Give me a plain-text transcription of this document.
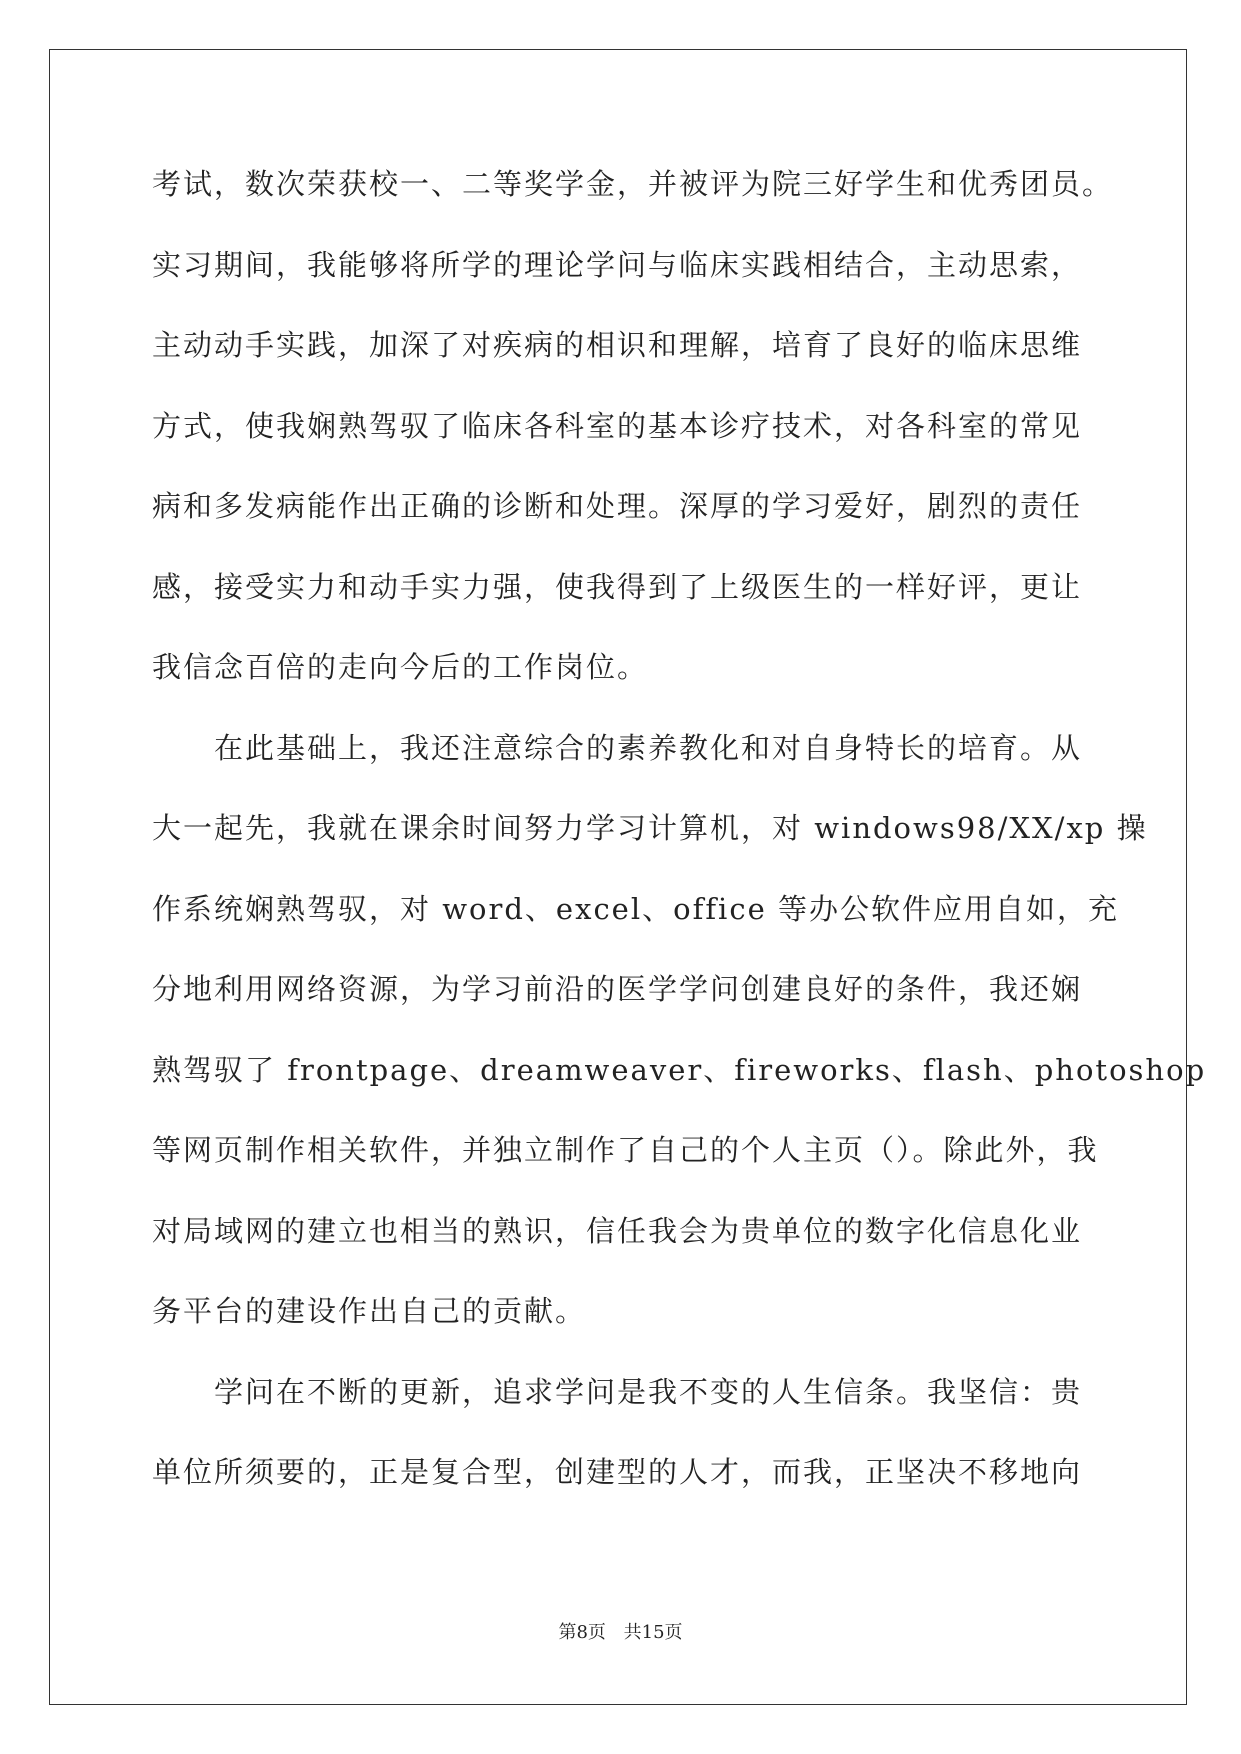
考试，数次荣获校一、二等奖学金，并被评为院三好学生和优秀团员。
实习期间，我能够将所学的理论学问与临床实践相结合，主动思索，
主动动手实践，加深了对疾病的相识和理解，培育了良好的临床思维
方式，使我娴熟驾驭了临床各科室的基本诊疗技术，对各科室的常见
病和多发病能作出正确的诊断和处理。深厚的学习爱好，剧烈的责任
感，接受实力和动手实力强，使我得到了上级医生的一样好评，更让
我信念百倍的走向今后的工作岗位。
在此基础上，我还注意综合的素养教化和对自身特长的培育。从
大一起先，我就在课余时间努力学习计算机，对 windows98/XX/xp 操
作系统娴熟驾驭，对 word、excel、office 等办公软件应用自如，充
分地利用网络资源，为学习前沿的医学学问创建良好的条件，我还娴
熟驾驭了 frontpage、dreamweaver、fireworks、flash、photoshop
等网页制作相关软件，并独立制作了自己的个人主页（）。除此外，我
对局域网的建立也相当的熟识，信任我会为贵单位的数字化信息化业
务平台的建设作出自己的贡献。
学问在不断的更新，追求学问是我不变的人生信条。我坚信：贵
单位所须要的，正是复合型，创建型的人才，而我，正坚决不移地向
第8页 共15页
